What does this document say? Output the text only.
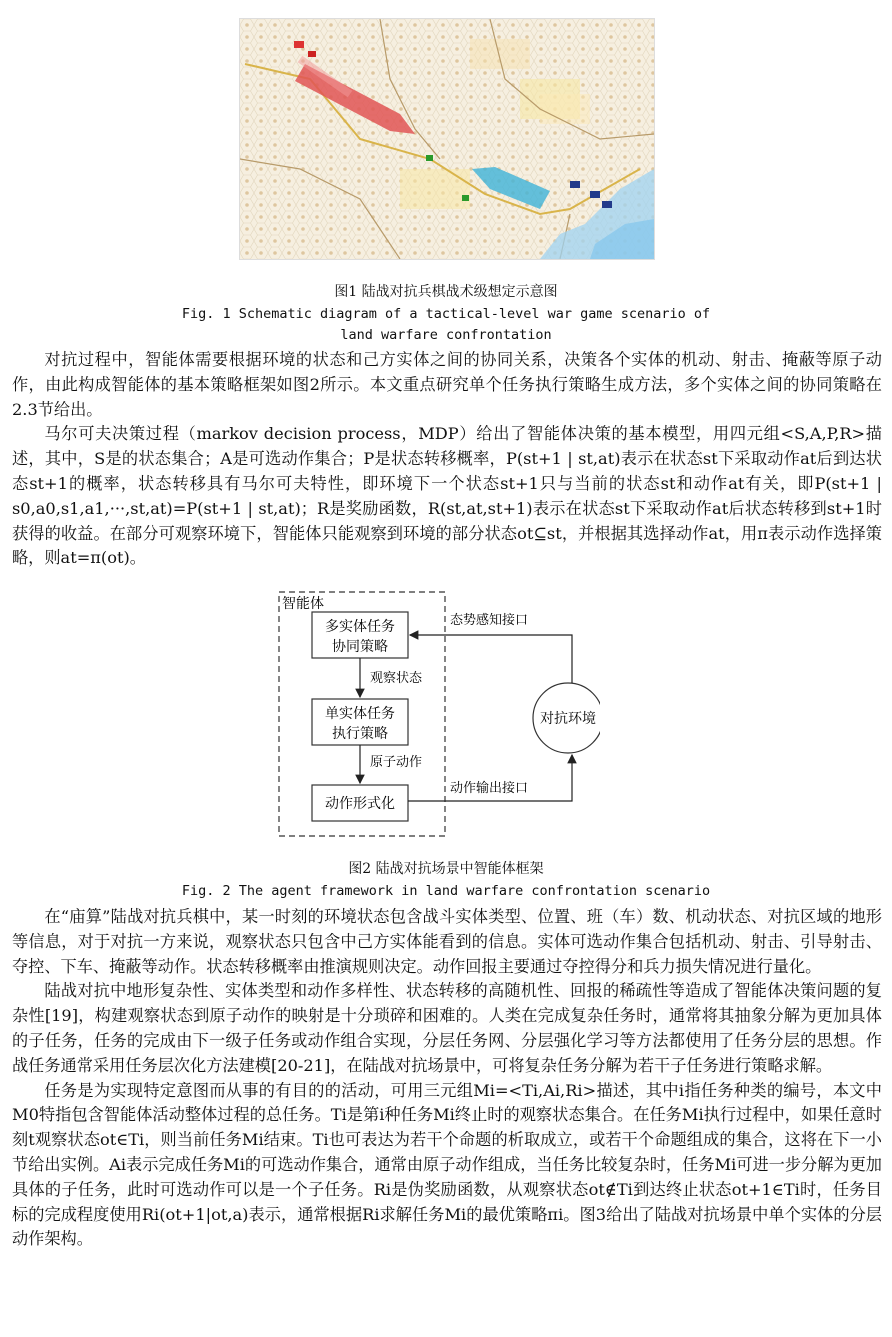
图1 陆战对抗兵棋战术级想定示意图
Fig. 1 Schematic diagram of a tactical-level war game scenario of
land warfare confrontation

对抗过程中，智能体需要根据环境的状态和己方实体之间的协同关系，决策各个实体的机动、射击、掩蔽等原子动作，由此构成智能体的基本策略框架如图2所示。本文重点研究单个任务执行策略生成方法，多个实体之间的协同策略在2.3节给出。

马尔可夫决策过程（markov decision process，MDP）给出了智能体决策的基本模型，用四元组<S,A,P,R>描述，其中，S是的状态集合；A是可选动作集合；P是状态转移概率，P(st+1 | st,at)表示在状态st下采取动作at后到达状态st+1的概率，状态转移具有马尔可夫特性，即环境下一个状态st+1只与当前的状态st和动作at有关，即P(st+1 | s0,a0,s1,a1,···,st,at)=P(st+1 | st,at)；R是奖励函数，R(st,at,st+1)表示在状态st下采取动作at后状态转移到st+1时获得的收益。在部分可观察环境下，智能体只能观察到环境的部分状态ot⊆st，并根据其选择动作at，用π表示动作选择策略，则at=π(ot)。

智能体
多实体任务
协同策略
单实体任务
执行策略
动作形式化
观察状态
原子动作
对抗环境
态势感知接口
动作输出接口
图2 陆战对抗场景中智能体框架
Fig. 2 The agent framework in land warfare confrontation scenario

在“庙算”陆战对抗兵棋中，某一时刻的环境状态包含战斗实体类型、位置、班（车）数、机动状态、对抗区域的地形等信息，对于对抗一方来说，观察状态只包含中己方实体能看到的信息。实体可选动作集合包括机动、射击、引导射击、夺控、下车、掩蔽等动作。状态转移概率由推演规则决定。动作回报主要通过夺控得分和兵力损失情况进行量化。

陆战对抗中地形复杂性、实体类型和动作多样性、状态转移的高随机性、回报的稀疏性等造成了智能体决策问题的复杂性[19]，构建观察状态到原子动作的映射是十分琐碎和困难的。人类在完成复杂任务时，通常将其抽象分解为更加具体的子任务，任务的完成由下一级子任务或动作组合实现，分层任务网、分层强化学习等方法都使用了任务分层的思想。作战任务通常采用任务层次化方法建模[20-21]，在陆战对抗场景中，可将复杂任务分解为若干子任务进行策略求解。

任务是为实现特定意图而从事的有目的的活动，可用三元组Mi=<Ti,Ai,Ri>描述，其中i指任务种类的编号，本文中M0特指包含智能体活动整体过程的总任务。Ti是第i种任务Mi终止时的观察状态集合。在任务Mi执行过程中，如果任意时刻t观察状态ot∈Ti，则当前任务Mi结束。Ti也可表达为若干个命题的析取成立，或若干个命题组成的集合，这将在下一小节给出实例。Ai表示完成任务Mi的可选动作集合，通常由原子动作组成，当任务比较复杂时，任务Mi可进一步分解为更加具体的子任务，此时可选动作可以是一个子任务。Ri是伪奖励函数，从观察状态ot∉Ti到达终止状态ot+1∈Ti时，任务目标的完成程度使用Ri(ot+1|ot,a)表示，通常根据Ri求解任务Mi的最优策略πi。图3给出了陆战对抗场景中单个实体的分层动作架构。
